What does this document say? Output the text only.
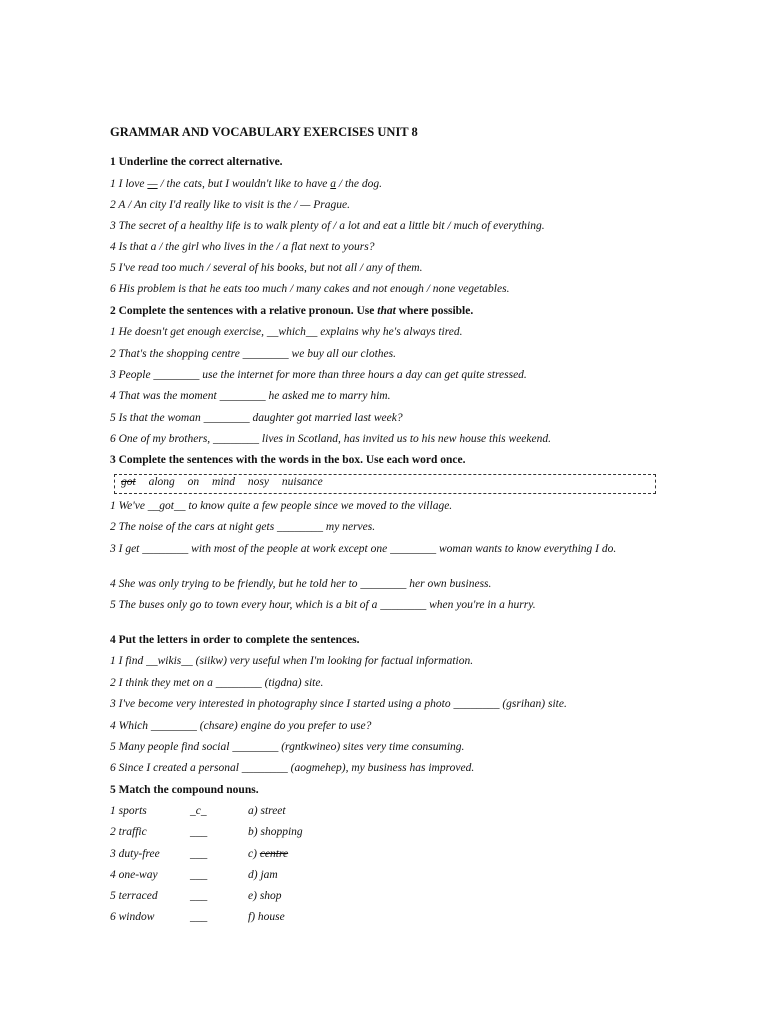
GRAMMAR AND VOCABULARY EXERCISES UNIT 8
1 Underline the correct alternative.
1 I love — / the cats, but I wouldn't like to have a / the dog.
2 A / An city I'd really like to visit is the / — Prague.
3 The secret of a healthy life is to walk plenty of / a lot and eat a little bit / much of everything.
4 Is that a / the girl who lives in the / a flat next to yours?
5 I've read too much / several of his books, but not all / any of them.
6 His problem is that he eats too much / many cakes and not enough / none vegetables.
2 Complete the sentences with a relative pronoun. Use that where possible.
1 He doesn't get enough exercise, __which__ explains why he's always tired.
2 That's the shopping centre ________ we buy all our clothes.
3 People ________ use the internet for more than three hours a day can get quite stressed.
4 That was the moment ________ he asked me to marry him.
5 Is that the woman ________ daughter got married last week?
6 One of my brothers, ________ lives in Scotland, has invited us to his new house this weekend.
3 Complete the sentences with the words in the box. Use each word once.
got along on mind nosy nuisance
1 We've __got__ to know quite a few people since we moved to the village.
2 The noise of the cars at night gets ________ my nerves.
3 I get ________ with most of the people at work except one ________ woman wants to know everything I do.
4 She was only trying to be friendly, but he told her to ________ her own business.
5 The buses only go to town every hour, which is a bit of a ________ when you're in a hurry.
4 Put the letters in order to complete the sentences.
1 I find __wikis__ (siikw) very useful when I'm looking for factual information.
2 I think they met on a ________ (tigdna) site.
3 I've become very interested in photography since I started using a photo ________ (gsrihan) site.
4 Which ________ (chsare) engine do you prefer to use?
5 Many people find social ________ (rgntkwineo) sites very time consuming.
6 Since I created a personal ________ (aogmehep), my business has improved.
5 Match the compound nouns.
1 sports	_c_	a) street
2 traffic	___	b) shopping
3 duty-free	___	c) centre
4 one-way	___	d) jam
5 terraced	___	e) shop
6 window	___	f) house
